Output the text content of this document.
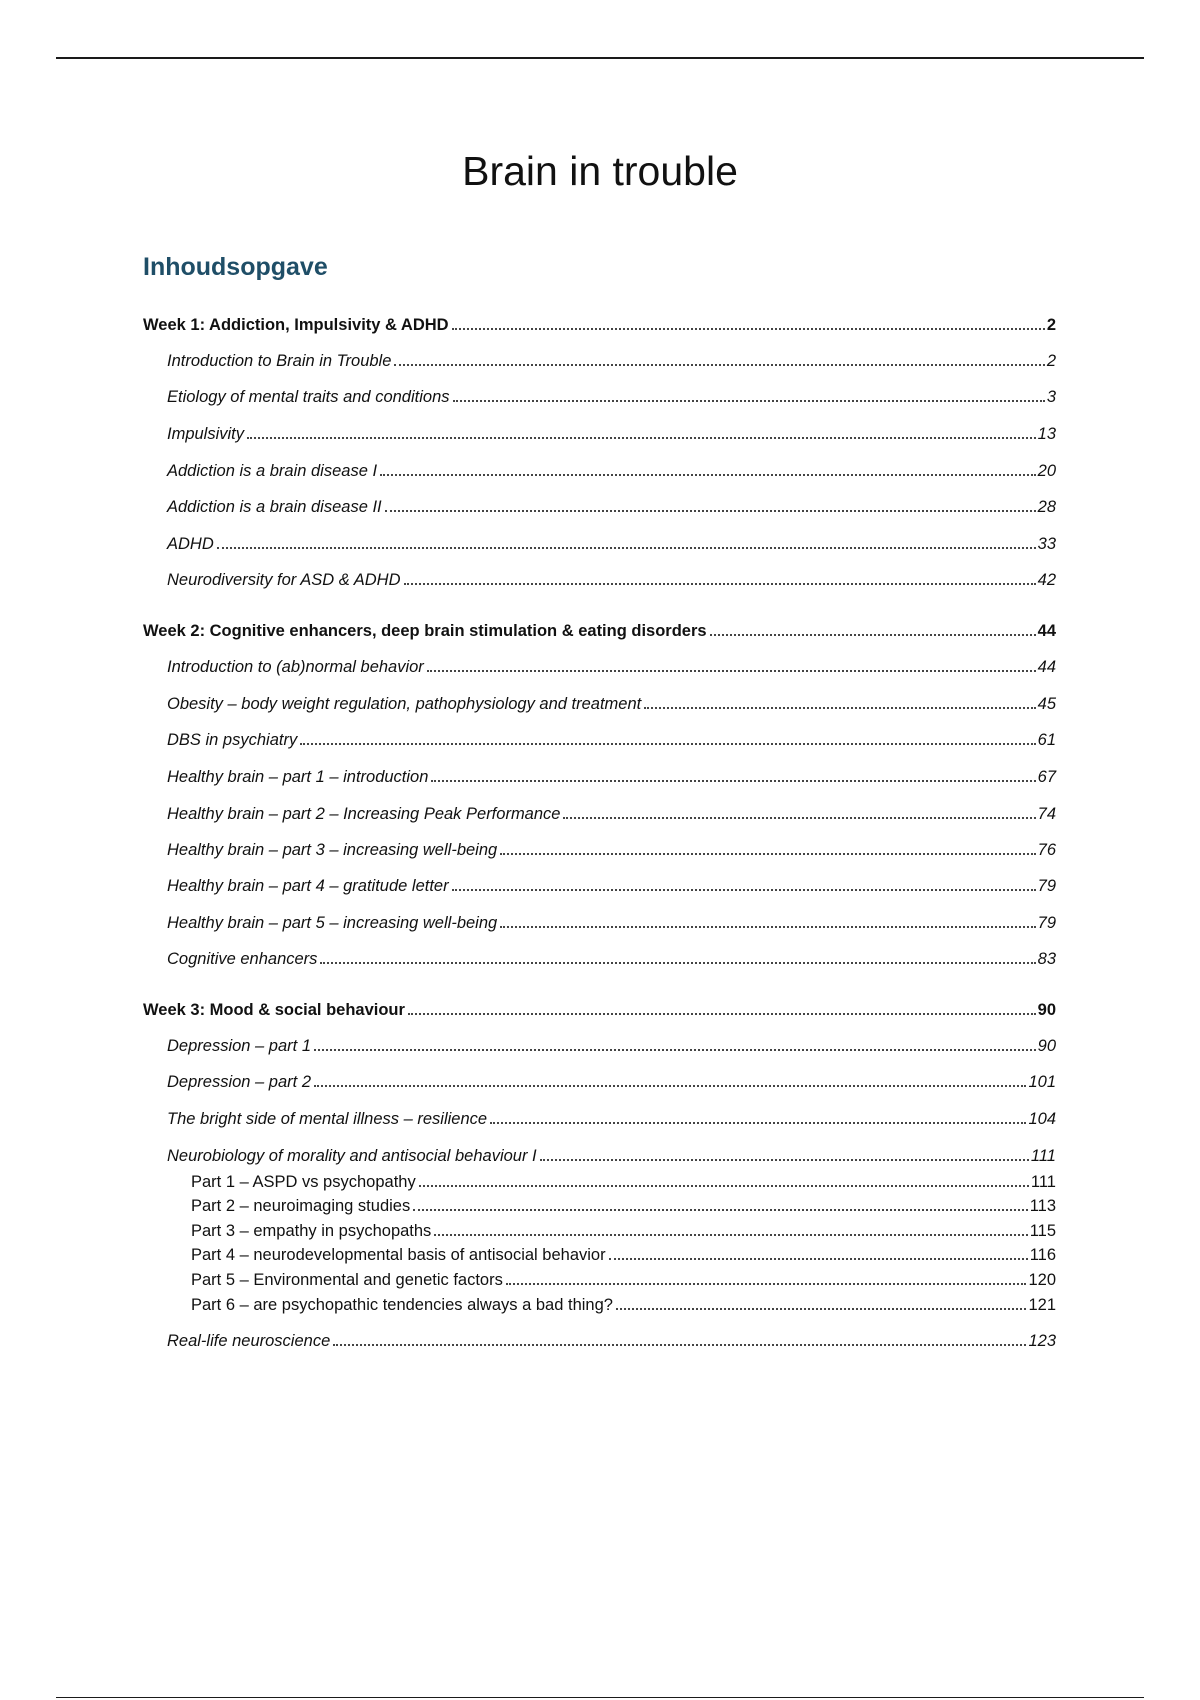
Brain in trouble
Inhoudsopgave
Week 1: Addiction, Impulsivity & ADHD	2
Introduction to Brain in Trouble	2
Etiology of mental traits and conditions	3
Impulsivity	13
Addiction is a brain disease I	20
Addiction is a brain disease II	28
ADHD	33
Neurodiversity for ASD & ADHD	42
Week 2: Cognitive enhancers, deep brain stimulation & eating disorders	44
Introduction to (ab)normal behavior	44
Obesity – body weight regulation, pathophysiology and treatment	45
DBS in psychiatry	61
Healthy brain – part 1 – introduction	67
Healthy brain – part 2 – Increasing Peak Performance	74
Healthy brain – part 3 – increasing well-being	76
Healthy brain – part 4 – gratitude letter	79
Healthy brain – part 5 – increasing well-being	79
Cognitive enhancers	83
Week 3: Mood & social behaviour	90
Depression – part 1	90
Depression – part 2	101
The bright side of mental illness – resilience	104
Neurobiology of morality and antisocial behaviour I	111
Part 1 – ASPD vs psychopathy	111
Part 2 – neuroimaging studies	113
Part 3 – empathy in psychopaths	115
Part 4 – neurodevelopmental basis of antisocial behavior	116
Part 5 – Environmental and genetic factors	120
Part 6 – are psychopathic tendencies always a bad thing?	121
Real-life neuroscience	123
